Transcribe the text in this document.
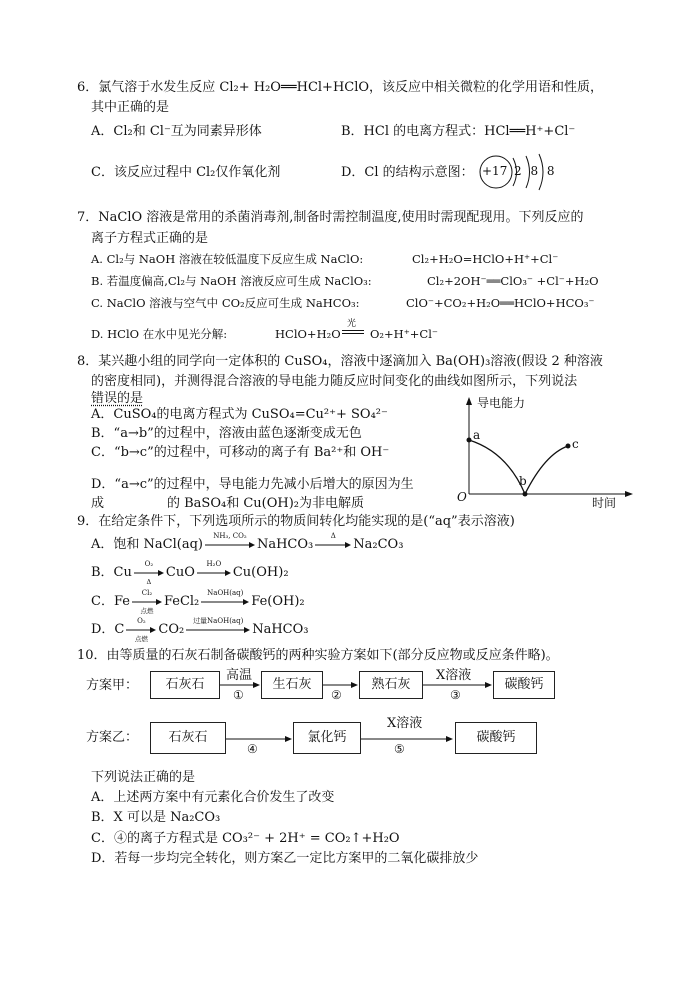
6．氯气溶于水发生反应 Cl₂+ H₂O══HCl+HClO，该反应中相关微粒的化学用语和性质，
其中正确的是
A．Cl₂和 Cl⁻互为同素异形体	B．HCl 的电离方程式：HCl══H⁺+Cl⁻
C．该反应过程中 Cl₂仅作氧化剂	D．Cl 的结构示意图： +17 2 8 8
7．NaClO 溶液是常用的杀菌消毒剂,制备时需控制温度,使用时需现配现用。下列反应的
离子方程式正确的是
A. Cl₂与 NaOH 溶液在较低温度下反应生成 NaClO:	Cl₂+H₂O=HClO+H⁺+Cl⁻
B. 若温度偏高,Cl₂与 NaOH 溶液反应可生成 NaClO₃:	Cl₂+2OH⁻══ClO₃⁻ +Cl⁻+H₂O
C. NaClO 溶液与空气中 CO₂反应可生成 NaHCO₃:	ClO⁻+CO₂+H₂O══HClO+HCO₃⁻
D. HClO 在水中见光分解:	HClO+H₂O
光
O₂+H⁺+Cl⁻
8．某兴趣小组的同学向一定体积的 CuSO₄，溶液中逐滴加入 Ba(OH)₃溶液(假设 2 种溶液
的密度相同)，并测得混合溶液的导电能力随反应时间变化的曲线如图所示，下列说法
错误的是
A．CuSO₄的电离方程式为 CuSO₄=Cu²⁺+ SO₄²⁻
B．“a→b”的过程中，溶液由蓝色逐渐变成无色
C．“b→c”的过程中，可移动的离子有 Ba²⁺和 OH⁻
D．“a→c”的过程中，导电能力先减小后增大的原因为生
成	的 BaSO₄和 Cu(OH)₂为非电解质
导电能力
时间
O
a
b
c
9．在给定条件下，下列选项所示的物质间转化均能实现的是(“aq”表示溶液)
A．饱和 NaCl(aq)
NH₃, CO₂
NaHCO₃
Δ
Na₂CO₃
B．Cu
O₂
Δ
CuO
H₂O
Cu(OH)₂
C．Fe
Cl₂
点燃
FeCl₂
NaOH(aq)
Fe(OH)₂
D．C
O₂
点燃
CO₂
过量NaOH(aq)
NaHCO₃
10．由等质量的石灰石制备碳酸钙的两种实验方案如下(部分反应物或反应条件略)。
方案甲：	石灰石
高温
①
生石灰
②
熟石灰
X溶液
③
碳酸钙
方案乙：	石灰石
④
氯化钙
X溶液
⑤
碳酸钙
下列说法正确的是
A．上述两方案中有元素化合价发生了改变
B．X 可以是 Na₂CO₃
C．④的离子方程式是 CO₃²⁻ + 2H⁺ = CO₂↑+H₂O
D．若每一步均完全转化，则方案乙一定比方案甲的二氧化碳排放少
